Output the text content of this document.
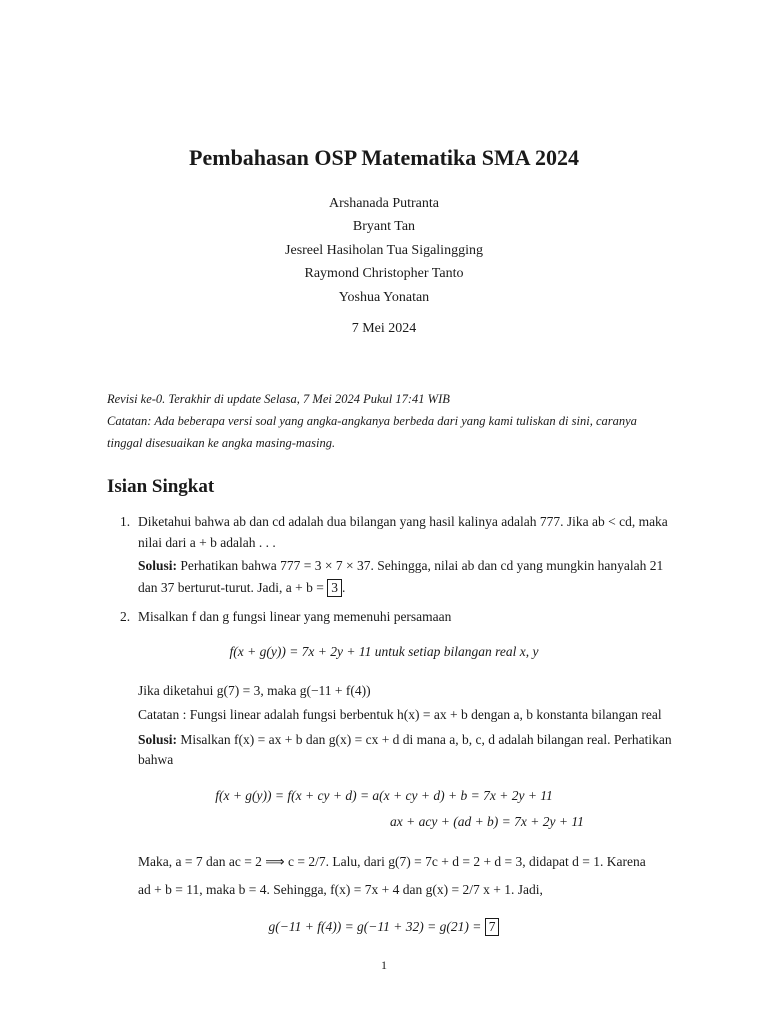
Pembahasan OSP Matematika SMA 2024
Arshanada Putranta
Bryant Tan
Jesreel Hasiholan Tua Sigalingging
Raymond Christopher Tanto
Yoshua Yonatan
7 Mei 2024
Revisi ke-0. Terakhir di update Selasa, 7 Mei 2024 Pukul 17:41 WIB
Catatan: Ada beberapa versi soal yang angka-angkanya berbeda dari yang kami tuliskan di sini, caranya
tinggal disesuaikan ke angka masing-masing.
Isian Singkat
1. Diketahui bahwa ab dan cd adalah dua bilangan yang hasil kalinya adalah 777. Jika ab < cd, maka
nilai dari a + b adalah . . .
Solusi: Perhatikan bahwa 777 = 3 × 7 × 37. Sehingga, nilai ab dan cd yang mungkin hanyalah 21
dan 37 berturut-turut. Jadi, a + b = 3 .
2. Misalkan f dan g fungsi linear yang memenuhi persamaan
f(x + g(y)) = 7x + 2y + 11 untuk setiap bilangan real x, y
Jika diketahui g(7) = 3, maka g(−11 + f(4))
Catatan : Fungsi linear adalah fungsi berbentuk h(x) = ax + b dengan a, b konstanta bilangan real
Solusi: Misalkan f(x) = ax + b dan g(x) = cx + d di mana a, b, c, d adalah bilangan real. Perhatikan
bahwa
f(x + g(y)) = f(x + cy + d) = a(x + cy + d) + b = 7x + 2y + 11
ax + acy + (ad + b) = 7x + 2y + 11
Maka, a = 7 dan ac = 2 ⟹ c = 2/7. Lalu, dari g(7) = 7c + d = 2 + d = 3, didapat d = 1. Karena
ad + b = 11, maka b = 4. Sehingga, f(x) = 7x + 4 dan g(x) = 2/7 x + 1. Jadi,
g(−11 + f(4)) = g(−11 + 32) = g(21) = 7
1
